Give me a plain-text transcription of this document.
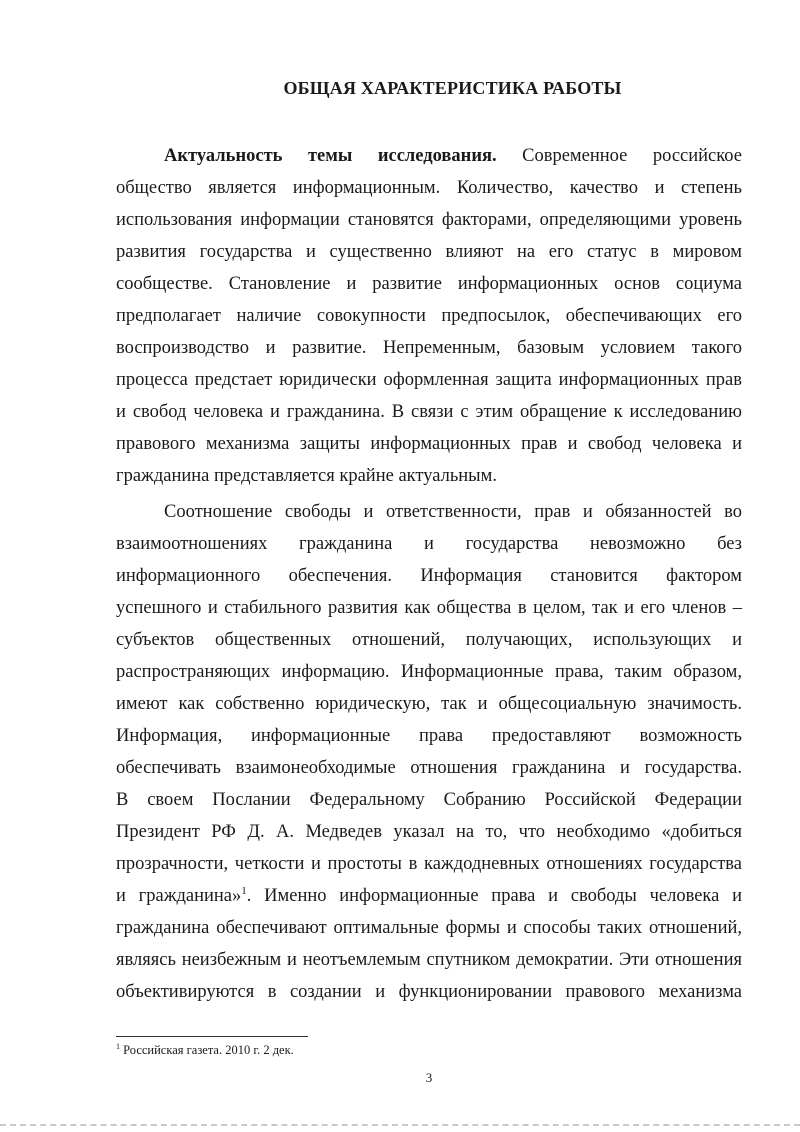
ОБЩАЯ ХАРАКТЕРИСТИКА РАБОТЫ
Актуальность темы исследования. Современное российское
общество является информационным. Количество, качество и степень
использования информации становятся факторами, определяющими уровень
развития государства и существенно влияют на его статус в мировом
сообществе. Становление и развитие информационных основ социума
предполагает наличие совокупности предпосылок, обеспечивающих его
воспроизводство и развитие. Непременным, базовым условием такого
процесса предстает юридически оформленная защита информационных прав
и свобод человека и гражданина. В связи с этим обращение к исследованию
правового механизма защиты информационных прав и свобод человека и
гражданина представляется крайне актуальным.
Соотношение свободы и ответственности, прав и обязанностей во
взаимоотношениях гражданина и государства невозможно без
информационного обеспечения. Информация становится фактором
успешного и стабильного развития как общества в целом, так и его членов –
субъектов общественных отношений, получающих, использующих и
распространяющих информацию. Информационные права, таким образом,
имеют как собственно юридическую, так и общесоциальную значимость.
Информация, информационные права предоставляют возможность
обеспечивать взаимонеобходимые отношения гражданина и государства.
В своем Послании Федеральному Собранию Российской Федерации
Президент РФ Д. А. Медведев указал на то, что необходимо «добиться
прозрачности, четкости и простоты в каждодневных отношениях государства
и гражданина»$^1$. Именно информационные права и свободы человека и
гражданина обеспечивают оптимальные формы и способы таких отношений,
являясь неизбежным и неотъемлемым спутником демократии. Эти отношения
объективируются в создании и функционировании правового механизма
$^1$ Российская газета. 2010 г. 2 дек.
3
